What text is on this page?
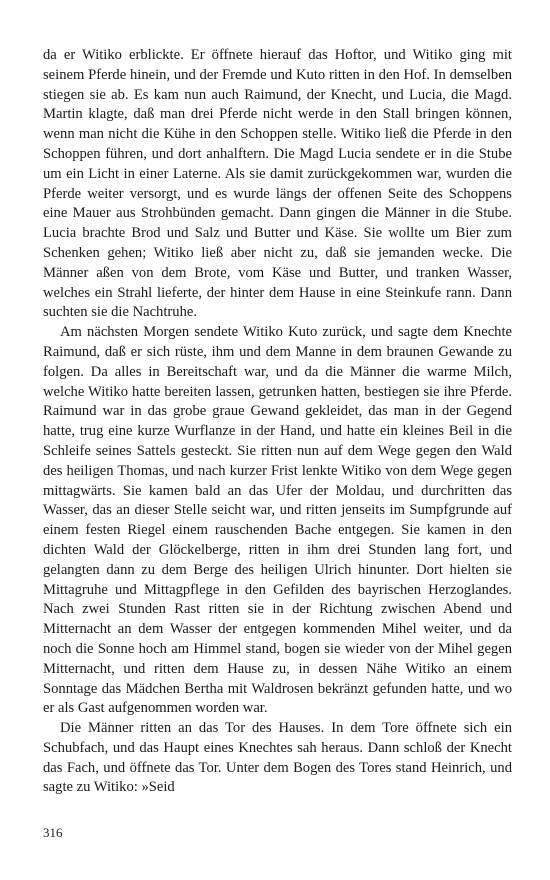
da er Witiko erblickte. Er öffnete hierauf das Hoftor, und Witiko ging mit seinem Pferde hinein, und der Fremde und Kuto ritten in den Hof. In demselben stiegen sie ab. Es kam nun auch Raimund, der Knecht, und Lucia, die Magd. Martin klagte, daß man drei Pferde nicht werde in den Stall bringen können, wenn man nicht die Kühe in den Schoppen stelle. Witiko ließ die Pferde in den Schoppen führen, und dort anhalftern. Die Magd Lucia sendete er in die Stube um ein Licht in einer Laterne. Als sie damit zurückgekommen war, wurden die Pferde weiter versorgt, und es wurde längs der offenen Seite des Schoppens eine Mauer aus Strohbünden gemacht. Dann gingen die Männer in die Stube. Lucia brachte Brod und Salz und Butter und Käse. Sie wollte um Bier zum Schenken gehen; Witiko ließ aber nicht zu, daß sie jemanden wecke. Die Männer aßen von dem Brote, vom Käse und Butter, und tranken Wasser, welches ein Strahl lieferte, der hinter dem Hause in eine Steinkufe rann. Dann suchten sie die Nachtruhe.

Am nächsten Morgen sendete Witiko Kuto zurück, und sagte dem Knechte Raimund, daß er sich rüste, ihm und dem Manne in dem braunen Gewande zu folgen. Da alles in Bereitschaft war, und da die Männer die warme Milch, welche Witiko hatte bereiten lassen, getrunken hatten, bestiegen sie ihre Pferde. Raimund war in das grobe graue Gewand gekleidet, das man in der Gegend hatte, trug eine kurze Wurflanze in der Hand, und hatte ein kleines Beil in die Schleife seines Sattels gesteckt. Sie ritten nun auf dem Wege gegen den Wald des heiligen Thomas, und nach kurzer Frist lenkte Witiko von dem Wege gegen mittagwärts. Sie kamen bald an das Ufer der Moldau, und durchritten das Wasser, das an dieser Stelle seicht war, und ritten jenseits im Sumpfgrunde auf einem festen Riegel einem rauschenden Bache entgegen. Sie kamen in den dichten Wald der Glöckelberge, ritten in ihm drei Stunden lang fort, und gelangten dann zu dem Berge des heiligen Ulrich hinunter. Dort hielten sie Mittagruhe und Mittagpflege in den Gefilden des bayrischen Herzoglandes. Nach zwei Stunden Rast ritten sie in der Richtung zwischen Abend und Mitternacht an dem Wasser der entgegen kommenden Mihel weiter, und da noch die Sonne hoch am Himmel stand, bogen sie wieder von der Mihel gegen Mitternacht, und ritten dem Hause zu, in dessen Nähe Witiko an einem Sonntage das Mädchen Bertha mit Waldrosen bekränzt gefunden hatte, und wo er als Gast aufgenommen worden war.

Die Männer ritten an das Tor des Hauses. In dem Tore öffnete sich ein Schubfach, und das Haupt eines Knechtes sah heraus. Dann schloß der Knecht das Fach, und öffnete das Tor. Unter dem Bogen des Tores stand Heinrich, und sagte zu Witiko: »Seid

316
